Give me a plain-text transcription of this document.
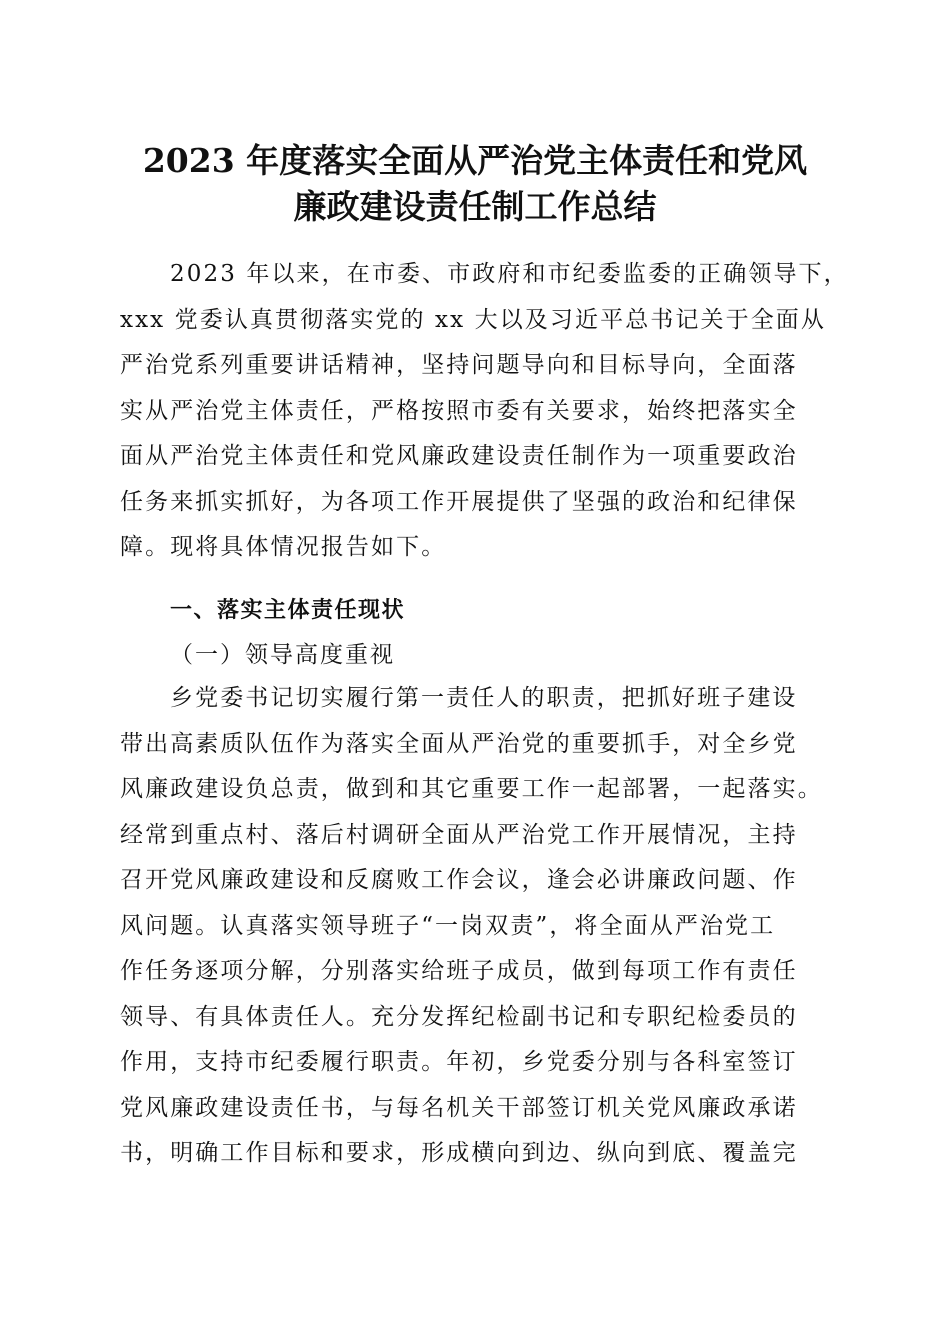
2023 年度落实全面从严治党主体责任和党风
廉政建设责任制工作总结
2023 年以来，在市委、市政府和市纪委监委的正确领导下，
xxx 党委认真贯彻落实党的 xx 大以及习近平总书记关于全面从
严治党系列重要讲话精神，坚持问题导向和目标导向，全面落
实从严治党主体责任，严格按照市委有关要求，始终把落实全
面从严治党主体责任和党风廉政建设责任制作为一项重要政治
任务来抓实抓好，为各项工作开展提供了坚强的政治和纪律保
障。现将具体情况报告如下。
一、落实主体责任现状
（一）领导高度重视
乡党委书记切实履行第一责任人的职责，把抓好班子建设
带出高素质队伍作为落实全面从严治党的重要抓手，对全乡党
风廉政建设负总责，做到和其它重要工作一起部署，一起落实。
经常到重点村、落后村调研全面从严治党工作开展情况，主持
召开党风廉政建设和反腐败工作会议，逢会必讲廉政问题、作
风问题。认真落实领导班子“一岗双责”，将全面从严治党工
作任务逐项分解，分别落实给班子成员，做到每项工作有责任
领导、有具体责任人。充分发挥纪检副书记和专职纪检委员的
作用，支持市纪委履行职责。年初，乡党委分别与各科室签订
党风廉政建设责任书，与每名机关干部签订机关党风廉政承诺
书，明确工作目标和要求，形成横向到边、纵向到底、覆盖完
